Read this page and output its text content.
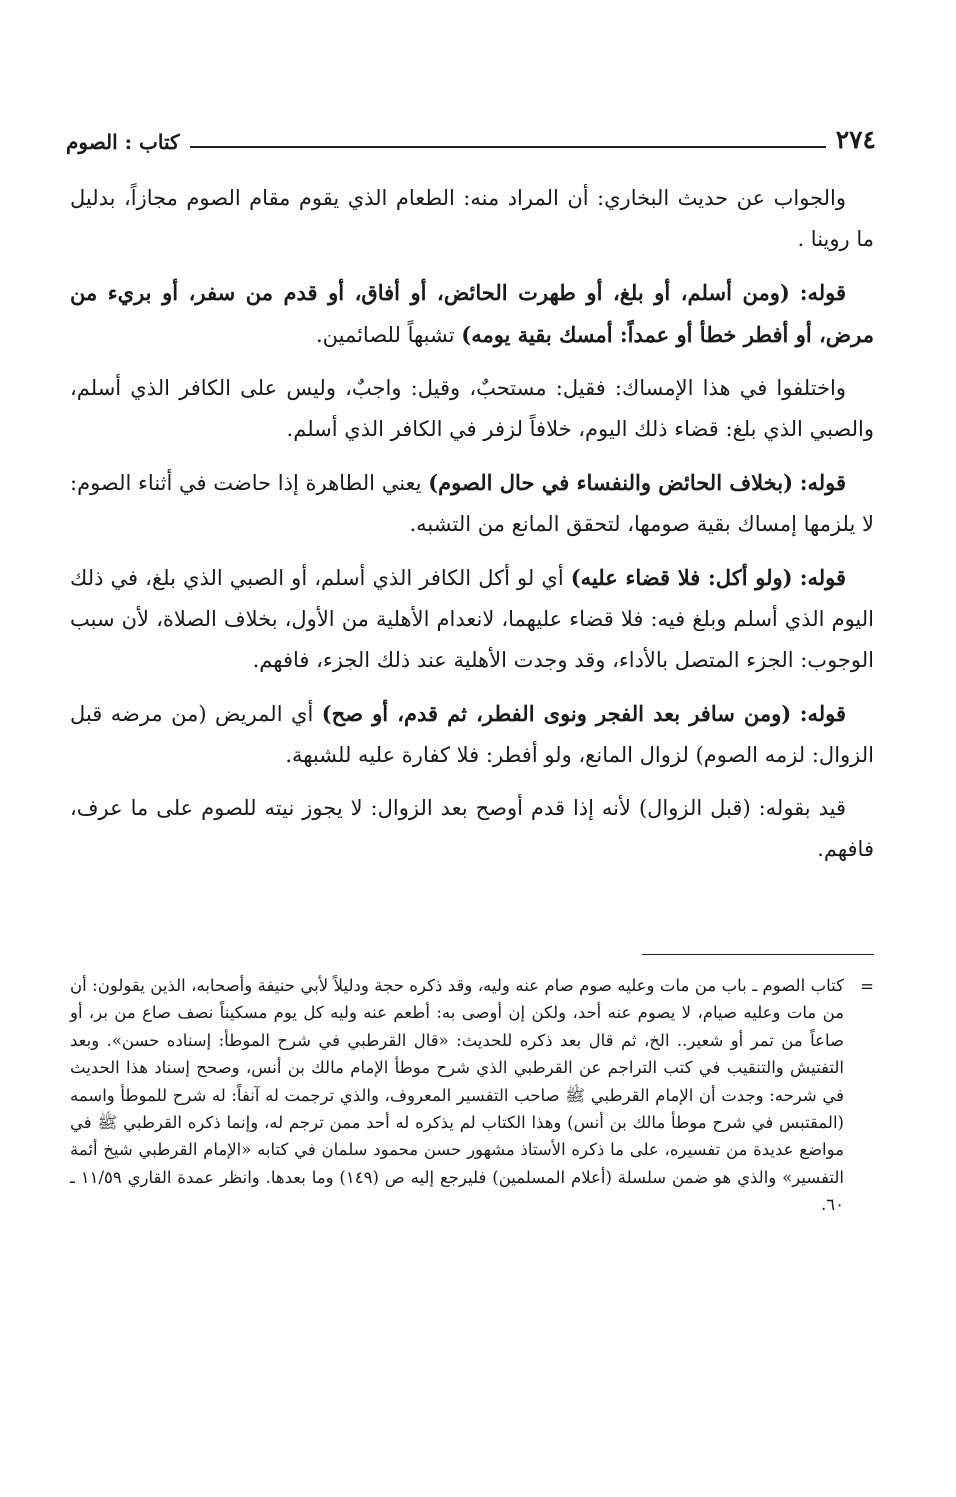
٢٧٤
كتاب : الصوم

والجواب عن حديث البخاري: أن المراد منه: الطعام الذي يقوم مقام الصوم مجازاً، بدليل ما روينا .

قوله: (ومن أسلم، أو بلغ، أو طهرت الحائض، أو أفاق، أو قدم من سفر، أو بريء من مرض، أو أفطر خطأ أو عمداً: أمسك بقية يومه) تشبهاً للصائمين.

واختلفوا في هذا الإمساك: فقيل: مستحبٌ، وقيل: واجبٌ، وليس على الكافر الذي أسلم، والصبي الذي بلغ: قضاء ذلك اليوم، خلافاً لزفر في الكافر الذي أسلم.

قوله: (بخلاف الحائض والنفساء في حال الصوم) يعني الطاهرة إذا حاضت في أثناء الصوم: لا يلزمها إمساك بقية صومها، لتحقق المانع من التشبه.

قوله: (ولو أكل: فلا قضاء عليه) أي لو أكل الكافر الذي أسلم، أو الصبي الذي بلغ، في ذلك اليوم الذي أسلم وبلغ فيه: فلا قضاء عليهما، لانعدام الأهلية من الأول، بخلاف الصلاة، لأن سبب الوجوب: الجزء المتصل بالأداء، وقد وجدت الأهلية عند ذلك الجزء، فافهم.

قوله: (ومن سافر بعد الفجر ونوى الفطر، ثم قدم، أو صح) أي المريض (من مرضه قبل الزوال: لزمه الصوم) لزوال المانع، ولو أفطر: فلا كفارة عليه للشبهة.

قيد بقوله: (قبل الزوال) لأنه إذا قدم أوصح بعد الزوال: لا يجوز نيته للصوم على ما عرف، فافهم.

=
كتاب الصوم ـ باب من مات وعليه صوم صام عنه وليه، وقد ذكره حجة ودليلاً لأبي حنيفة وأصحابه، الذين يقولون: أن من مات وعليه صيام، لا يصوم عنه أحد، ولكن إن أوصى به: أطعم عنه وليه كل يوم مسكيناً نصف صاع من بر، أو صاعاً من تمر أو شعير.. الخ، ثم قال بعد ذكره للحديث: «قال القرطبي في شرح الموطأ: إسناده حسن». وبعد التفتيش والتنقيب في كتب التراجم عن القرطبي الذي شرح موطأ الإمام مالك بن أنس، وصحح إسناد هذا الحديث في شرحه: وجدت أن الإمام القرطبي ﷺ صاحب التفسير المعروف، والذي ترجمت له آنفاً: له شرح للموطأ واسمه (المقتبس في شرح موطأ مالك بن أنس) وهذا الكتاب لم يذكره له أحد ممن ترجم له، وإنما ذكره القرطبي ﷺ في مواضع عديدة من تفسيره، على ما ذكره الأستاذ مشهور حسن محمود سلمان في كتابه «الإمام القرطبي شيخ أئمة التفسير» والذي هو ضمن سلسلة (أعلام المسلمين) فليرجع إليه ص (١٤٩) وما بعدها. وانظر عمدة القاري ١١/٥٩ ـ ٦٠.
